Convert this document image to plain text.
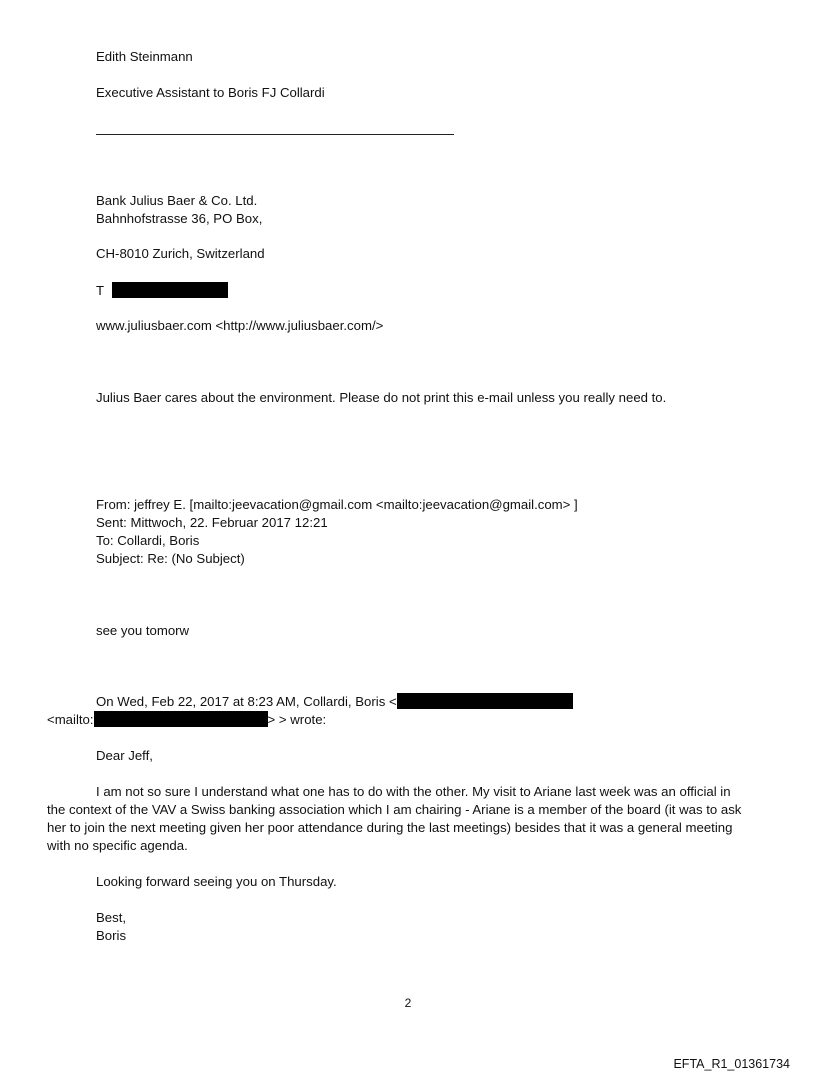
Edith Steinmann
Executive Assistant to Boris FJ Collardi
Bank Julius Baer & Co. Ltd.
Bahnhofstrasse 36, PO Box,
CH-8010 Zurich, Switzerland
T
www.juliusbaer.com <http://www.juliusbaer.com/>
Julius Baer cares about the environment. Please do not print this e-mail unless you really need to.
From: jeffrey E. [mailto:jeevacation@gmail.com <mailto:jeevacation@gmail.com> ]
Sent: Mittwoch, 22. Februar 2017 12:21
To: Collardi, Boris
Subject: Re: (No Subject)
see you tomorw
On Wed, Feb 22, 2017 at 8:23 AM, Collardi, Boris <
<mailto:	> > wrote:
Dear Jeff,
I am not so sure I understand what one has to do with the other. My visit to Ariane last week was an official in
the context of the VAV a Swiss banking association which I am chairing - Ariane is a member of the board (it was to ask
her to join the next meeting given her poor attendance during the last meetings) besides that it was a general meeting
with no specific agenda.
Looking forward seeing you on Thursday.
Best,
Boris
2
EFTA_R1_01361734
